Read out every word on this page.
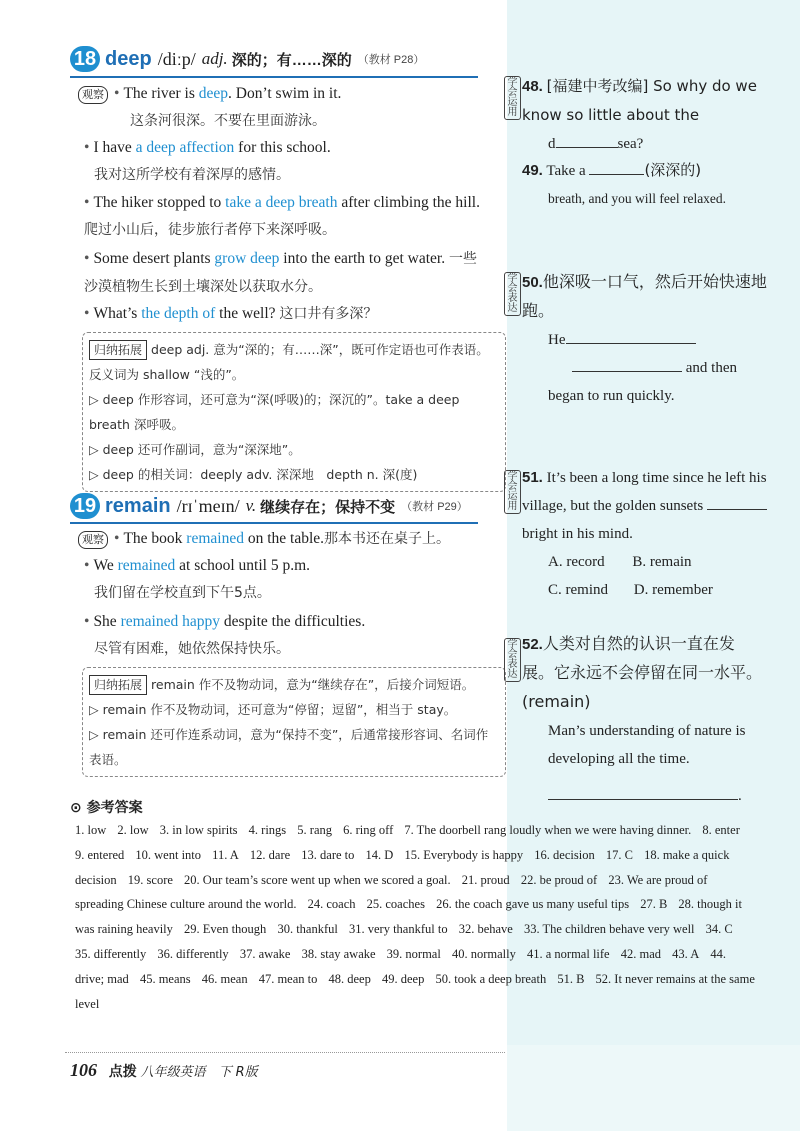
18 deep /diːp/ adj. 深的；有……深的 （教材 P28）
观察 • The river is deep. Don’t swim in it.
这条河很深。不要在里面游泳。
• I have a deep affection for this school.
我对这所学校有着深厚的感情。
• The hiker stopped to take a deep breath after climbing the hill. 爬过小山后，徒步旅行者停下来深呼吸。
• Some desert plants grow deep into the earth to get water. 一些沙漠植物生长到土壤深处以获取水分。
• What’s the depth of the well? 这口井有多深？
归纳拓展 deep adj. 意为“深的；有……深”，既可作定语也可作表语。反义词为 shallow “浅的”。
▷ deep 作形容词，还可意为“深(呼吸)的；深沉的”。take a deep breath 深呼吸。
▷ deep 还可作副词，意为“深深地”。
▷ deep 的相关词：deeply adv. 深深地　depth n. 深(度)
19 remain /rɪˈmeɪn/ v. 继续存在；保持不变 （教材 P29）
观察 • The book remained on the table.那本书还在桌子上。
• We remained at school until 5 p.m.
我们留在学校直到下午5点。
• She remained happy despite the difficulties.
尽管有困难，她依然保持快乐。
归纳拓展 remain 作不及物动词，意为“继续存在”，后接介词短语。
▷ remain 作不及物动词，还可意为“停留；逗留”，相当于 stay。
▷ remain 还可作连系动词，意为“保持不变”，后通常接形容词、名词作表语。
学会运用
48. [福建中考改编] So why do we know so little about the
d	sea?
49. Take a	(深深的)
breath, and you will feel relaxed.
学会表达
50.他深吸一口气，然后开始快速地跑。
He
and then
began to run quickly.
学会运用
51. It’s been a long time since he left his village, but the golden sunsets  bright in his mind.
A. record B. remain
C. remind D. remember
学会表达
52.人类对自然的认识一直在发展。它永远不会停留在同一水平。(remain)
Man’s understanding of nature is developing all the time.
.
⊙ 参考答案
1. low 2. low 3. in low spirits 4. rings 5. rang 6. ring off 7. The doorbell rang loudly when we were having dinner. 8. enter 9. entered 10. went into 11. A 12. dare 13. dare to 14. D 15. Everybody is happy 16. decision 17. C 18. make a quick decision 19. score 20. Our team’s score went up when we scored a goal. 21. proud 22. be proud of 23. We are proud of spreading Chinese culture around the world. 24. coach 25. coaches 26. the coach gave us many useful tips 27. B 28. though it was raining heavily 29. Even though 30. thankful 31. very thankful to 32. behave 33. The children behave very well 34. C 35. differently 36. differently 37. awake 38. stay awake 39. normal 40. normally 41. a normal life 42. mad 43. A 44. drive; mad 45. means 46. mean 47. mean to 48. deep 49. deep 50. took a deep breath 51. B 52. It never remains at the same level
106 点拨 八年级英语　下 R版
